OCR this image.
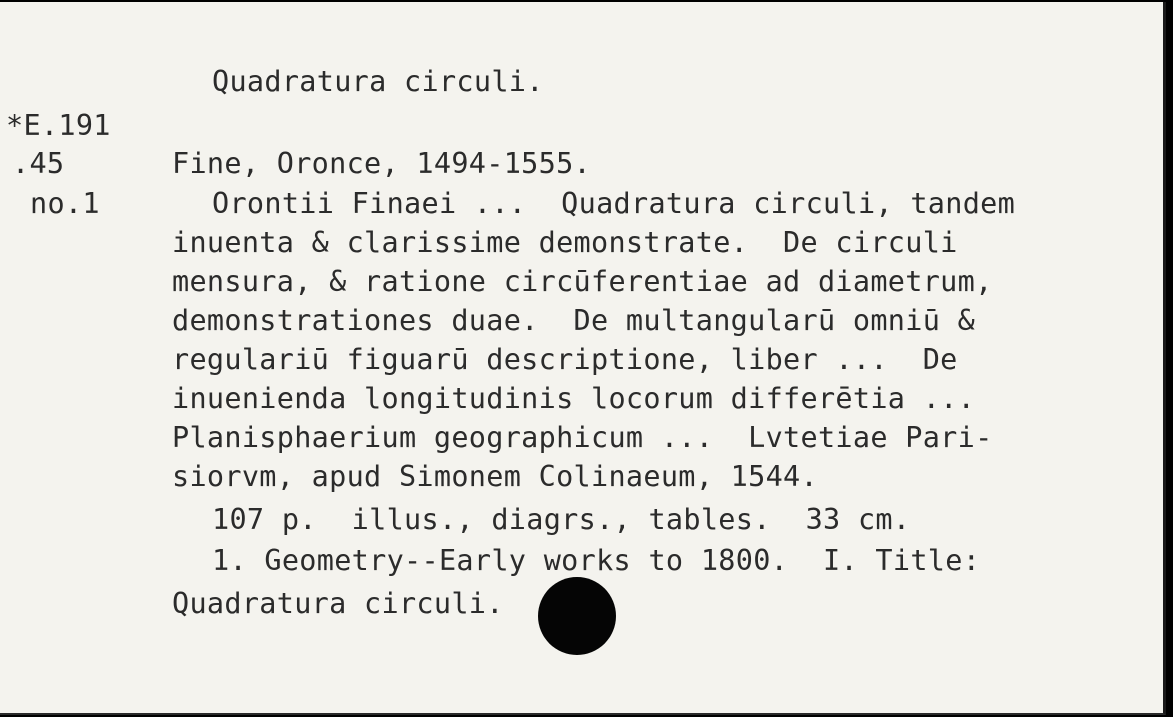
Quadratura circuli.
*E.191
.45
no.1
Fine, Oronce, 1494-1555.
Orontii Finaei ...  Quadratura circuli, tandem
inuenta & clarissime demonstrate.  De circuli
mensura, & ratione circūferentiae ad diametrum,
demonstrationes duae.  De multangularū omniū &
regulariū figuarū descriptione, liber ...  De
inuenienda longitudinis locorum differētia ...
Planisphaerium geographicum ...  Lvtetiae Pari-
siorvm, apud Simonem Colinaeum, 1544.
107 p.  illus., diagrs., tables.  33 cm.
1. Geometry--Early works to 1800.  I. Title:
Quadratura circuli.
